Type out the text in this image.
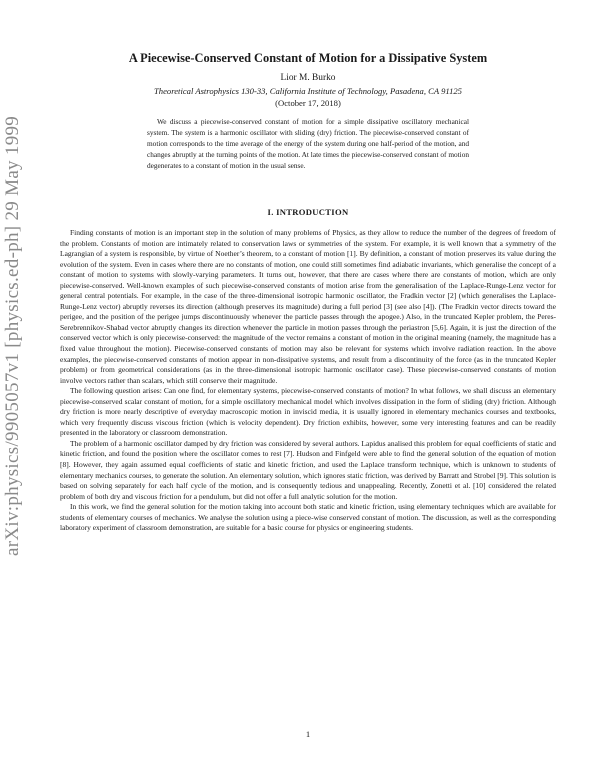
arXiv:physics/9905057v1 [physics.ed-ph] 29 May 1999
A Piecewise-Conserved Constant of Motion for a Dissipative System
Lior M. Burko
Theoretical Astrophysics 130-33, California Institute of Technology, Pasadena, CA 91125
(October 17, 2018)

We discuss a piecewise-conserved constant of motion for a simple dissipative oscillatory mechanical system. The system is a harmonic oscillator with sliding (dry) friction. The piecewise-conserved constant of motion corresponds to the time average of the energy of the system during one half-period of the motion, and changes abruptly at the turning points of the motion. At late times the piecewise-conserved constant of motion degenerates to a constant of motion in the usual sense.

I. INTRODUCTION

Finding constants of motion is an important step in the solution of many problems of Physics, as they allow to reduce the number of the degrees of freedom of the problem. Constants of motion are intimately related to conservation laws or symmetries of the system. For example, it is well known that a symmetry of the Lagrangian of a system is responsible, by virtue of Noether’s theorem, to a constant of motion [1]. By definition, a constant of motion preserves its value during the evolution of the system. Even in cases where there are no constants of motion, one could still sometimes find adiabatic invariants, which generalise the concept of a constant of motion to systems with slowly-varying parameters. It turns out, however, that there are cases where there are constants of motion, which are only piecewise-conserved. Well-known examples of such piecewise-conserved constants of motion arise from the generalisation of the Laplace-Runge-Lenz vector for general central potentials. For example, in the case of the three-dimensional isotropic harmonic oscillator, the Fradkin vector [2] (which generalises the Laplace-Runge-Lenz vector) abruptly reverses its direction (although preserves its magnitude) during a full period [3] (see also [4]). (The Fradkin vector directs toward the perigee, and the position of the perigee jumps discontinuously whenever the particle passes through the apogee.) Also, in the truncated Kepler problem, the Peres-Serebrennikov-Shabad vector abruptly changes its direction whenever the particle in motion passes through the periastron [5,6]. Again, it is just the direction of the conserved vector which is only piecewise-conserved: the magnitude of the vector remains a constant of motion in the original meaning (namely, the magnitude has a fixed value throughout the motion). Piecewise-conserved constants of motion may also be relevant for systems which involve radiation reaction. In the above examples, the piecewise-conserved constants of motion appear in non-dissipative systems, and result from a discontinuity of the force (as in the truncated Kepler problem) or from geometrical considerations (as in the three-dimensional isotropic harmonic oscillator case). These piecewise-conserved constants of motion involve vectors rather than scalars, which still conserve their magnitude.

The following question arises: Can one find, for elementary systems, piecewise-conserved constants of motion? In what follows, we shall discuss an elementary piecewise-conserved scalar constant of motion, for a simple oscillatory mechanical model which involves dissipation in the form of sliding (dry) friction. Although dry friction is more nearly descriptive of everyday macroscopic motion in inviscid media, it is usually ignored in elementary mechanics courses and textbooks, which very frequently discuss viscous friction (which is velocity dependent). Dry friction exhibits, however, some very interesting features and can be readily presented in the laboratory or classroom demonstration.

The problem of a harmonic oscillator damped by dry friction was considered by several authors. Lapidus analised this problem for equal coefficients of static and kinetic friction, and found the position where the oscillator comes to rest [7]. Hudson and Finfgeld were able to find the general solution of the equation of motion [8]. However, they again assumed equal coefficients of static and kinetic friction, and used the Laplace transform technique, which is unknown to students of elementary mechanics courses, to generate the solution. An elementary solution, which ignores static friction, was derived by Barratt and Strobel [9]. This solution is based on solving separately for each half cycle of the motion, and is consequently tedious and unappealing. Recently, Zonetti et al. [10] considered the related problem of both dry and viscous friction for a pendulum, but did not offer a full analytic solution for the motion.

In this work, we find the general solution for the motion taking into account both static and kinetic friction, using elementary techniques which are available for students of elementary courses of mechanics. We analyse the solution using a piece-wise conserved constant of motion. The discussion, as well as the corresponding laboratory experiment of classroom demonstration, are suitable for a basic course for physics or engineering students.

1
